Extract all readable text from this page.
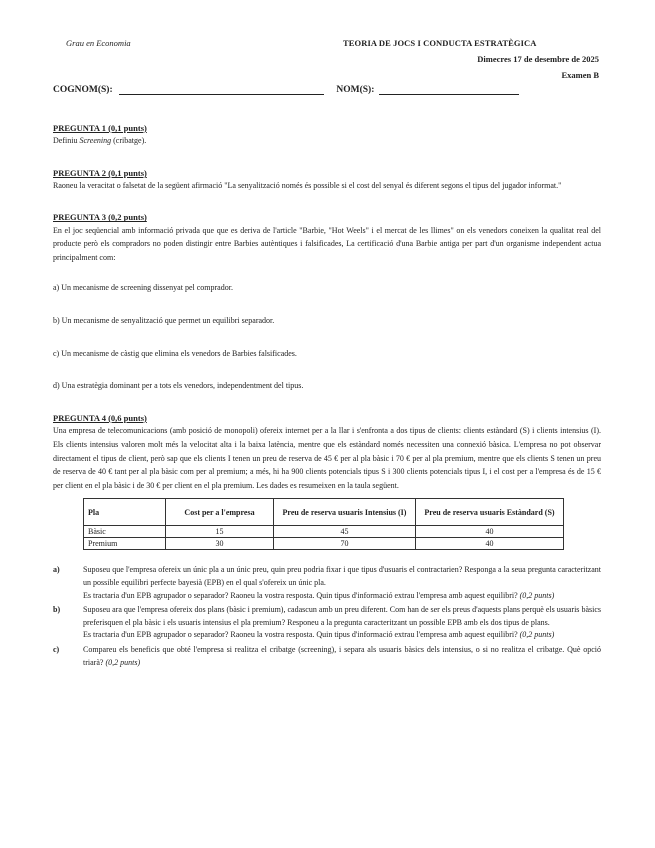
Grau en Economia	TEORIA DE JOCS I CONDUCTA ESTRATÈGICA
Dimecres 17 de desembre de 2025
Examen B
COGNOM(S):	NOM(S):

PREGUNTA 1 (0,1 punts)

Definiu Screening (cribatge).

PREGUNTA 2 (0,1 punts)

Raoneu la veracitat o falsetat de la següent afirmació "La senyalització només és possible si el cost del senyal és diferent segons el tipus del jugador informat."

PREGUNTA 3 (0,2 punts)

En el joc seqüencial amb informació privada que que es deriva de l'article "Barbie, "Hot Weels" i el mercat de les llimes" on els venedors coneixen la qualitat real del producte però els compradors no poden distingir entre Barbies autèntiques i falsificades, La certificació d'una Barbie antiga per part d'un organisme independent actua principalment com:

a) Un mecanisme de screening dissenyat pel comprador.

b) Un mecanisme de senyalització que permet un equilibri separador.

c) Un mecanisme de càstig que elimina els venedors de Barbies falsificades.

d) Una estratègia dominant per a tots els venedors, independentment del tipus.

PREGUNTA 4 (0,6 punts)

Una empresa de telecomunicacions (amb posició de monopoli) ofereix internet per a la llar i s'enfronta a dos tipus de clients: clients estàndard (S) i clients intensius (I). Els clients intensius valoren molt més la velocitat alta i la baixa latència, mentre que els estàndard només necessiten una connexió bàsica. L'empresa no pot observar directament el tipus de client, però sap que els clients I tenen un preu de reserva de 45 € per al pla bàsic i 70 € per al pla premium, mentre que els clients S tenen un preu de reserva de 40 € tant per al pla bàsic com per al premium; a més, hi ha 900 clients potencials tipus S i 300 clients potencials tipus I, i el cost per a l'empresa és de 15 € per client en el pla bàsic i de 30 € per client en el pla premium. Les dades es resumeixen en la taula següent.

Pla	Cost per a l'empresa	Preu de reserva usuaris Intensius (I)	Preu de reserva usuaris Estàndard (S)
Bàsic	15	45	40
Premium	30	70	40
a)	Suposeu que l'empresa ofereix un únic pla a un únic preu, quin preu podria fixar i que tipus d'usuaris el contractarien? Responga a la seua pregunta caracteritzant un possible equilibri perfecte bayesià (EPB) en el qual s'ofereix un únic pla.
Es tractaria d'un EPB agrupador o separador? Raoneu la vostra resposta. Quin tipus d'informació extrau l'empresa amb aquest equilibri? (0,2 punts)
b)	Suposeu ara que l'empresa ofereix dos plans (bàsic i premium), cadascun amb un preu diferent. Com han de ser els preus d'aquests plans perquè els usuaris bàsics preferisquen el pla bàsic i els usuaris intensius el pla premium? Responeu a la pregunta caracteritzant un possible EPB amb els dos tipus de plans.
Es tractaria d'un EPB agrupador o separador? Raoneu la vostra resposta. Quin tipus d'informació extrau l'empresa amb aquest equilibri? (0,2 punts)
c)	Compareu els beneficis que obté l'empresa si realitza el cribatge (screening), i separa als usuaris bàsics dels intensius, o si no realitza el cribatge. Què opció triarà? (0,2 punts)
